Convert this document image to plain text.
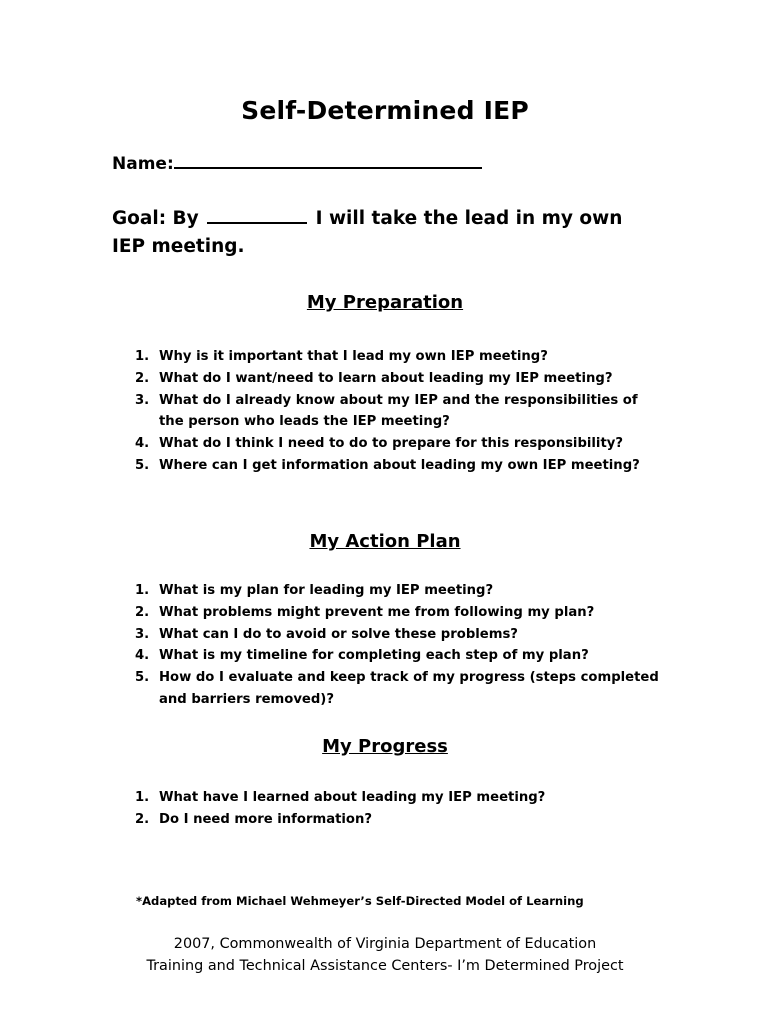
Self-Determined IEP
Name:
Goal: By	I will take the lead in my own IEP meeting.
My Preparation
1. Why is it important that I lead my own IEP meeting?
2. What do I want/need to learn about leading my IEP meeting?
3. What do I already know about my IEP and the responsibilities of the person who leads the IEP meeting?
4. What do I think I need to do to prepare for this responsibility?
5. Where can I get information about leading my own IEP meeting?
My Action Plan
1. What is my plan for leading my IEP meeting?
2. What problems might prevent me from following my plan?
3. What can I do to avoid or solve these problems?
4. What is my timeline for completing each step of my plan?
5. How do I evaluate and keep track of my progress (steps completed and barriers removed)?
My Progress
1. What have I learned about leading my IEP meeting?
2. Do I need more information?
*Adapted from Michael Wehmeyer’s Self-Directed Model of Learning
2007, Commonwealth of Virginia Department of Education
Training and Technical Assistance Centers- I’m Determined Project
